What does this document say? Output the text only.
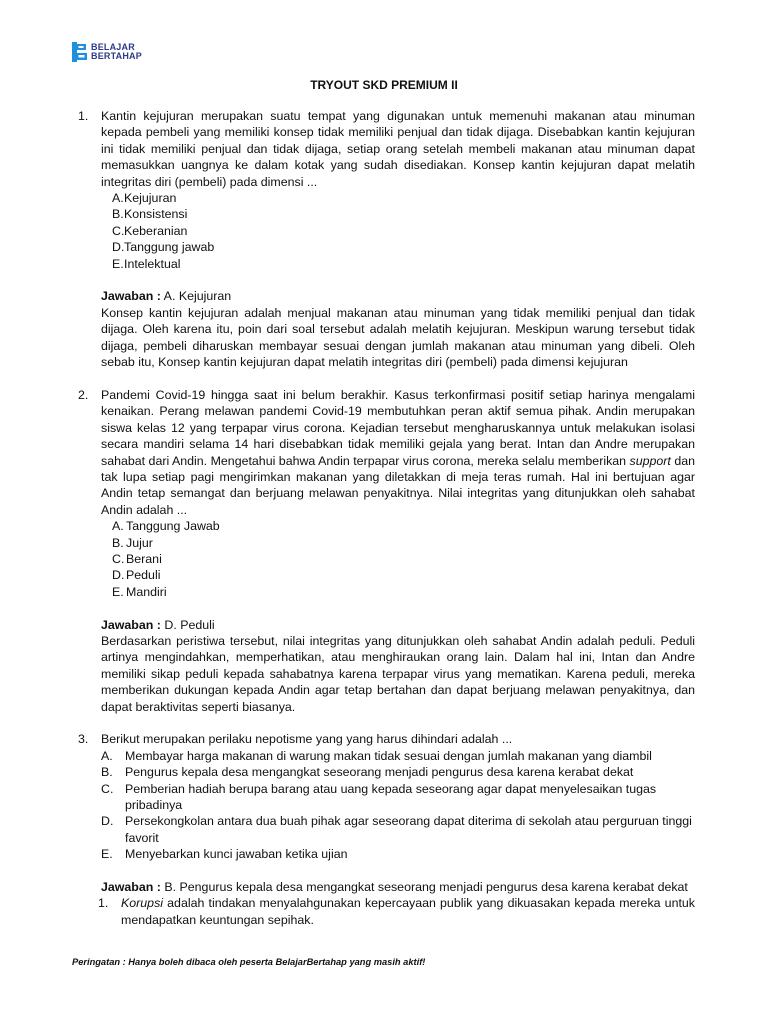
BELAJAR
BERTAHAP
TRYOUT SKD PREMIUM II
1. Kantin kejujuran merupakan suatu tempat yang digunakan untuk memenuhi makanan atau minuman kepada pembeli yang memiliki konsep tidak memiliki penjual dan tidak dijaga. Disebabkan kantin kejujuran ini tidak memiliki penjual dan tidak dijaga, setiap orang setelah membeli makanan atau minuman dapat memasukkan uangnya ke dalam kotak yang sudah disediakan. Konsep kantin kejujuran dapat melatih integritas diri (pembeli) pada dimensi ...
A. Kejujuran
B. Konsistensi
C. Keberanian
D. Tanggung jawab
E. Intelektual
Jawaban : A. Kejujuran
Konsep kantin kejujuran adalah menjual makanan atau minuman yang tidak memiliki penjual dan tidak dijaga. Oleh karena itu, poin dari soal tersebut adalah melatih kejujuran. Meskipun warung tersebut tidak dijaga, pembeli diharuskan membayar sesuai dengan jumlah makanan atau minuman yang dibeli. Oleh sebab itu, Konsep kantin kejujuran dapat melatih integritas diri (pembeli) pada dimensi kejujuran
2. Pandemi Covid-19 hingga saat ini belum berakhir. Kasus terkonfirmasi positif setiap harinya mengalami kenaikan. Perang melawan pandemi Covid-19 membutuhkan peran aktif semua pihak. Andin merupakan siswa kelas 12 yang terpapar virus corona. Kejadian tersebut mengharuskannya untuk melakukan isolasi secara mandiri selama 14 hari disebabkan tidak memiliki gejala yang berat. Intan dan Andre merupakan sahabat dari Andin. Mengetahui bahwa Andin terpapar virus corona, mereka selalu memberikan support dan tak lupa setiap pagi mengirimkan makanan yang diletakkan di meja teras rumah. Hal ini bertujuan agar Andin tetap semangat dan berjuang melawan penyakitnya. Nilai integritas yang ditunjukkan oleh sahabat Andin adalah ...
A. Tanggung Jawab
B. Jujur
C. Berani
D. Peduli
E. Mandiri
Jawaban : D. Peduli
Berdasarkan peristiwa tersebut, nilai integritas yang ditunjukkan oleh sahabat Andin adalah peduli. Peduli artinya mengindahkan, memperhatikan, atau menghiraukan orang lain. Dalam hal ini, Intan dan Andre memiliki sikap peduli kepada sahabatnya karena terpapar virus yang mematikan. Karena peduli, mereka memberikan dukungan kepada Andin agar tetap bertahan dan dapat berjuang melawan penyakitnya, dan dapat beraktivitas seperti biasanya.
3. Berikut merupakan perilaku nepotisme yang yang harus dihindari adalah ...
A. Membayar harga makanan di warung makan tidak sesuai dengan jumlah makanan yang diambil
B. Pengurus kepala desa mengangkat seseorang menjadi pengurus desa karena kerabat dekat
C. Pemberian hadiah berupa barang atau uang kepada seseorang agar dapat menyelesaikan tugas pribadinya
D. Persekongkolan antara dua buah pihak agar seseorang dapat diterima di sekolah atau perguruan tinggi favorit
E. Menyebarkan kunci jawaban ketika ujian
Jawaban : B. Pengurus kepala desa mengangkat seseorang menjadi pengurus desa karena kerabat dekat
1. Korupsi adalah tindakan menyalahgunakan kepercayaan publik yang dikuasakan kepada mereka untuk mendapatkan keuntungan sepihak.
Peringatan : Hanya boleh dibaca oleh peserta BelajarBertahap yang masih aktif!
